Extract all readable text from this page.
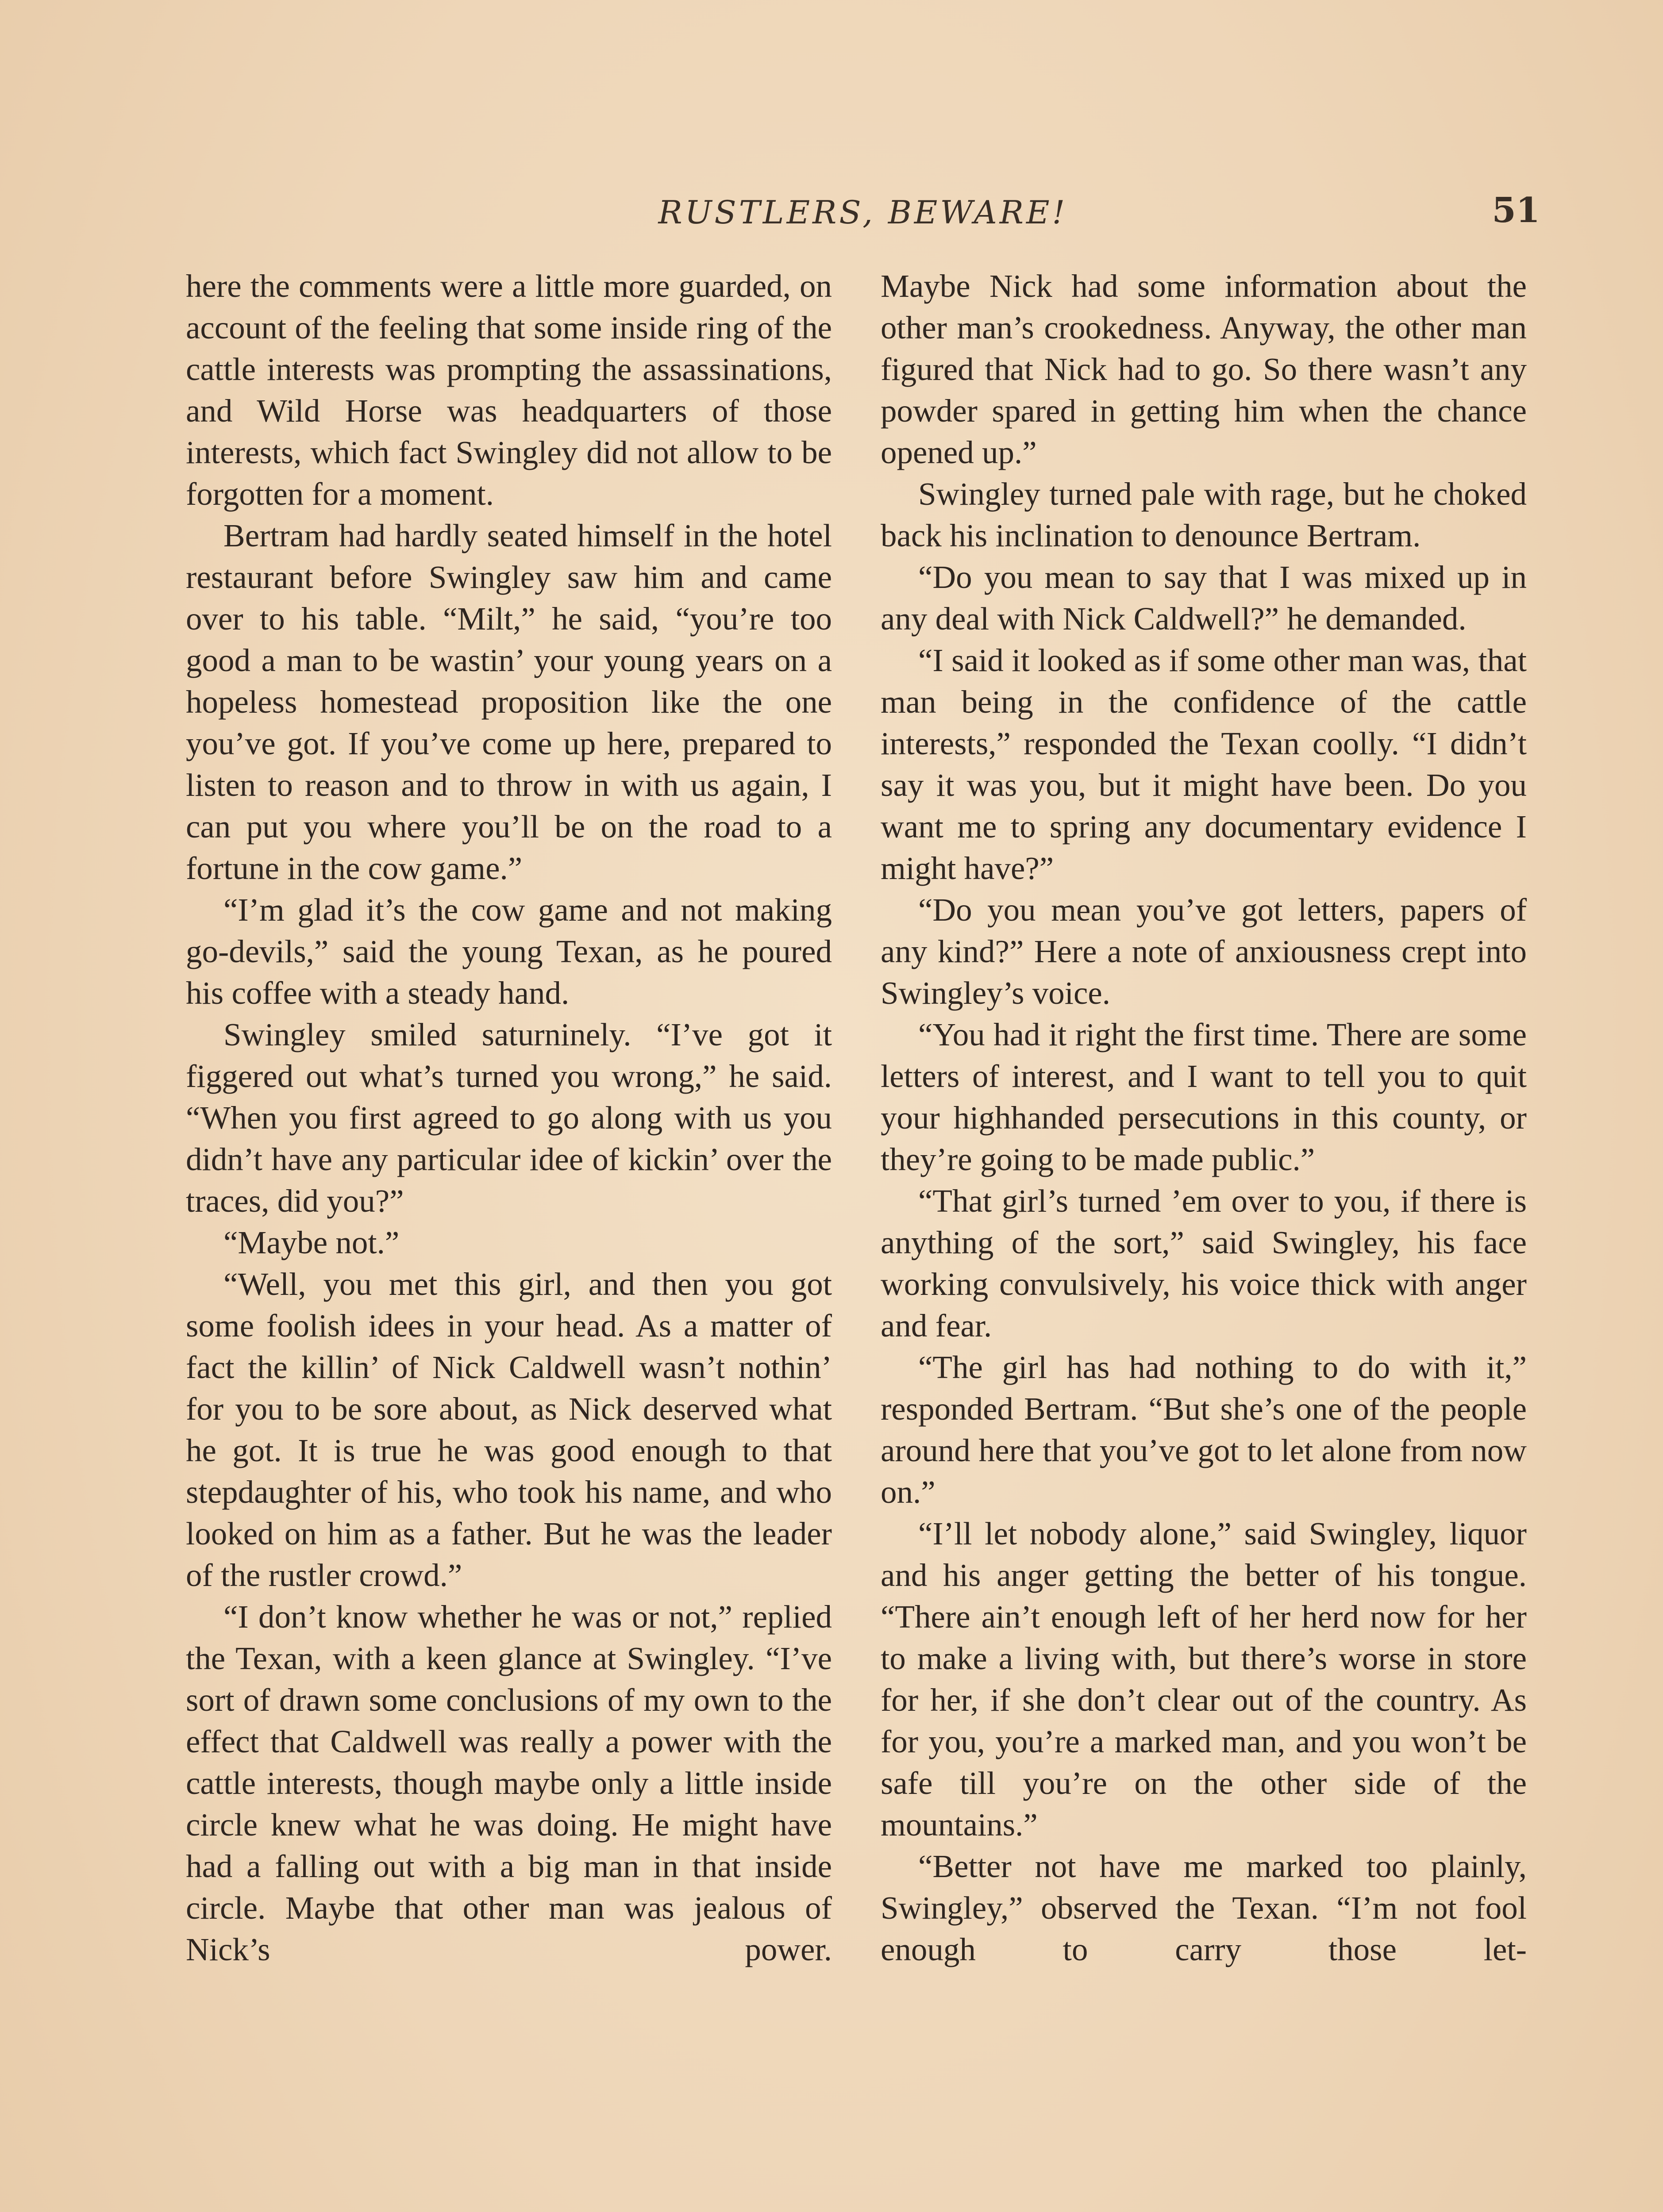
RUSTLERS, BEWARE!	51

here the comments were a little more guarded, on account of the feeling that some inside ring of the cattle interests was prompting the assassinations, and Wild Horse was headquarters of those interests, which fact Swingley did not allow to be forgotten for a moment.

Bertram had hardly seated himself in the hotel restaurant before Swingley saw him and came over to his table. “Milt,” he said, “you’re too good a man to be wastin’ your young years on a hopeless homestead proposition like the one you’ve got. If you’ve come up here, prepared to listen to reason and to throw in with us again, I can put you where you’ll be on the road to a fortune in the cow game.”

“I’m glad it’s the cow game and not making go-devils,” said the young Texan, as he poured his coffee with a steady hand.

Swingley smiled saturninely. “I’ve got it figgered out what’s turned you wrong,” he said. “When you first agreed to go along with us you didn’t have any particular idee of kickin’ over the traces, did you?”

“Maybe not.”

“Well, you met this girl, and then you got some foolish idees in your head. As a matter of fact the killin’ of Nick Caldwell wasn’t nothin’ for you to be sore about, as Nick deserved what he got. It is true he was good enough to that stepdaughter of his, who took his name, and who looked on him as a father. But he was the leader of the rustler crowd.”

“I don’t know whether he was or not,” replied the Texan, with a keen glance at Swingley. “I’ve sort of drawn some conclusions of my own to the effect that Caldwell was really a power with the cattle interests, though maybe only a little inside circle knew what he was doing. He might have had a falling out with a big man in that inside circle. Maybe that other man was jealous of Nick’s power.

Maybe Nick had some information about the other man’s crookedness. Anyway, the other man figured that Nick had to go. So there wasn’t any powder spared in getting him when the chance opened up.”

Swingley turned pale with rage, but he choked back his inclination to denounce Bertram.

“Do you mean to say that I was mixed up in any deal with Nick Caldwell?” he demanded.

“I said it looked as if some other man was, that man being in the confidence of the cattle interests,” responded the Texan coolly. “I didn’t say it was you, but it might have been. Do you want me to spring any documentary evidence I might have?”

“Do you mean you’ve got letters, papers of any kind?” Here a note of anxiousness crept into Swingley’s voice.

“You had it right the first time. There are some letters of interest, and I want to tell you to quit your highhanded persecutions in this county, or they’re going to be made public.”

“That girl’s turned ’em over to you, if there is anything of the sort,” said Swingley, his face working convulsively, his voice thick with anger and fear.

“The girl has had nothing to do with it,” responded Bertram. “But she’s one of the people around here that you’ve got to let alone from now on.”

“I’ll let nobody alone,” said Swingley, liquor and his anger getting the better of his tongue. “There ain’t enough left of her herd now for her to make a living with, but there’s worse in store for her, if she don’t clear out of the country. As for you, you’re a marked man, and you won’t be safe till you’re on the other side of the mountains.”

“Better not have me marked too plainly, Swingley,” observed the Texan. “I’m not fool enough to carry those let-
